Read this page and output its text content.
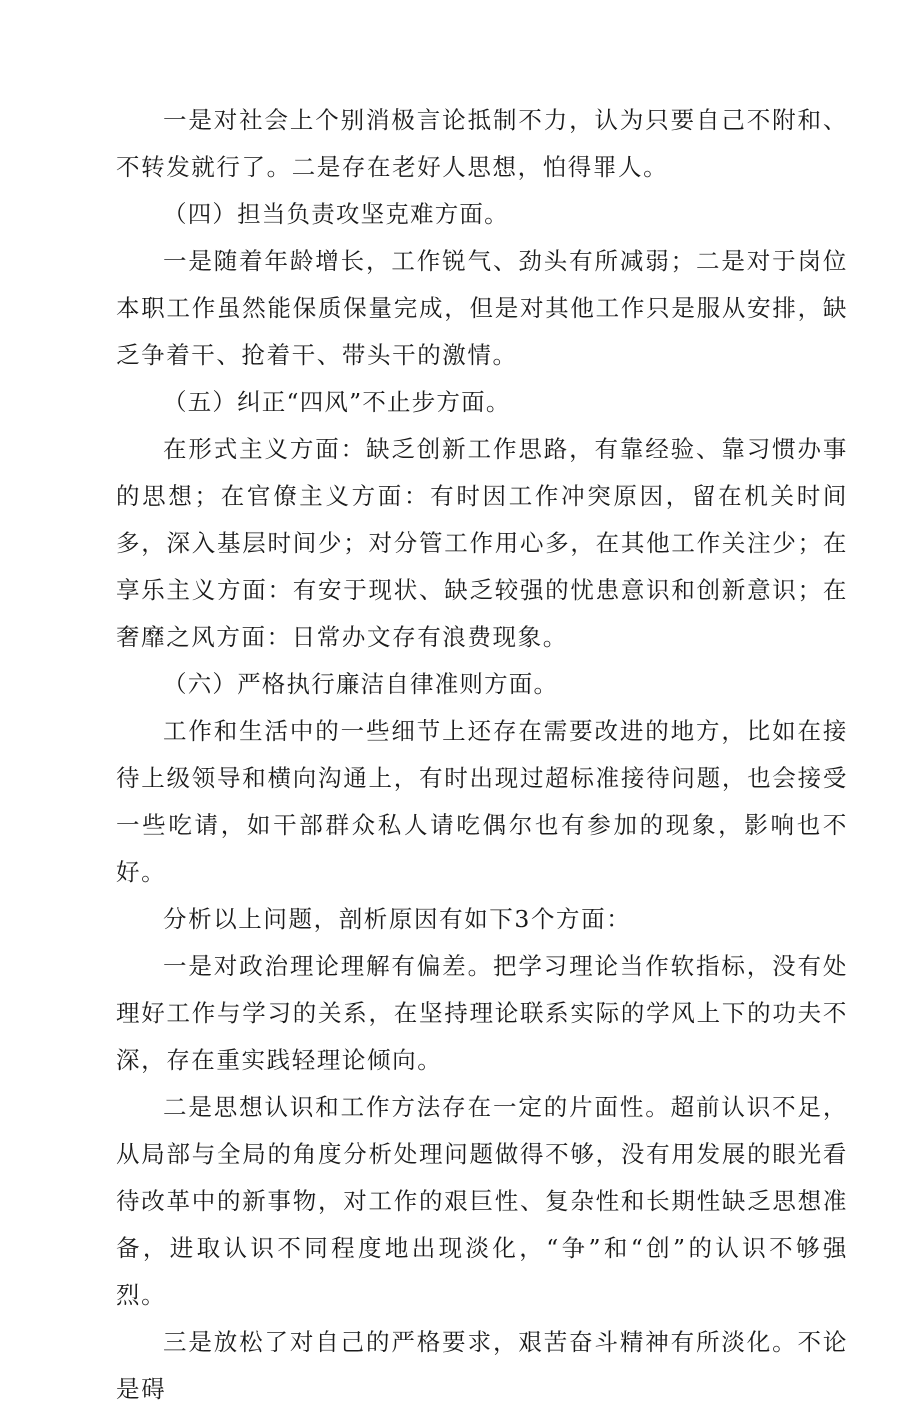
一是对社会上个别消极言论抵制不力，认为只要自己不附和、不转发就行了。二是存在老好人思想，怕得罪人。

（四）担当负责攻坚克难方面。

一是随着年龄增长，工作锐气、劲头有所减弱；二是对于岗位本职工作虽然能保质保量完成，但是对其他工作只是服从安排，缺乏争着干、抢着干、带头干的激情。

（五）纠正“四风”不止步方面。

在形式主义方面：缺乏创新工作思路，有靠经验、靠习惯办事的思想；在官僚主义方面：有时因工作冲突原因，留在机关时间多，深入基层时间少；对分管工作用心多，在其他工作关注少；在享乐主义方面：有安于现状、缺乏较强的忧患意识和创新意识；在奢靡之风方面：日常办文存有浪费现象。

（六）严格执行廉洁自律准则方面。

工作和生活中的一些细节上还存在需要改进的地方，比如在接待上级领导和横向沟通上，有时出现过超标准接待问题，也会接受一些吃请，如干部群众私人请吃偶尔也有参加的现象，影响也不好。

分析以上问题，剖析原因有如下3个方面：

一是对政治理论理解有偏差。把学习理论当作软指标，没有处理好工作与学习的关系，在坚持理论联系实际的学风上下的功夫不深，存在重实践轻理论倾向。

二是思想认识和工作方法存在一定的片面性。超前认识不足，从局部与全局的角度分析处理问题做得不够，没有用发展的眼光看待改革中的新事物，对工作的艰巨性、复杂性和长期性缺乏思想准备，进取认识不同程度地出现淡化，“争”和“创”的认识不够强烈。

三是放松了对自己的严格要求，艰苦奋斗精神有所淡化。不论是碍
